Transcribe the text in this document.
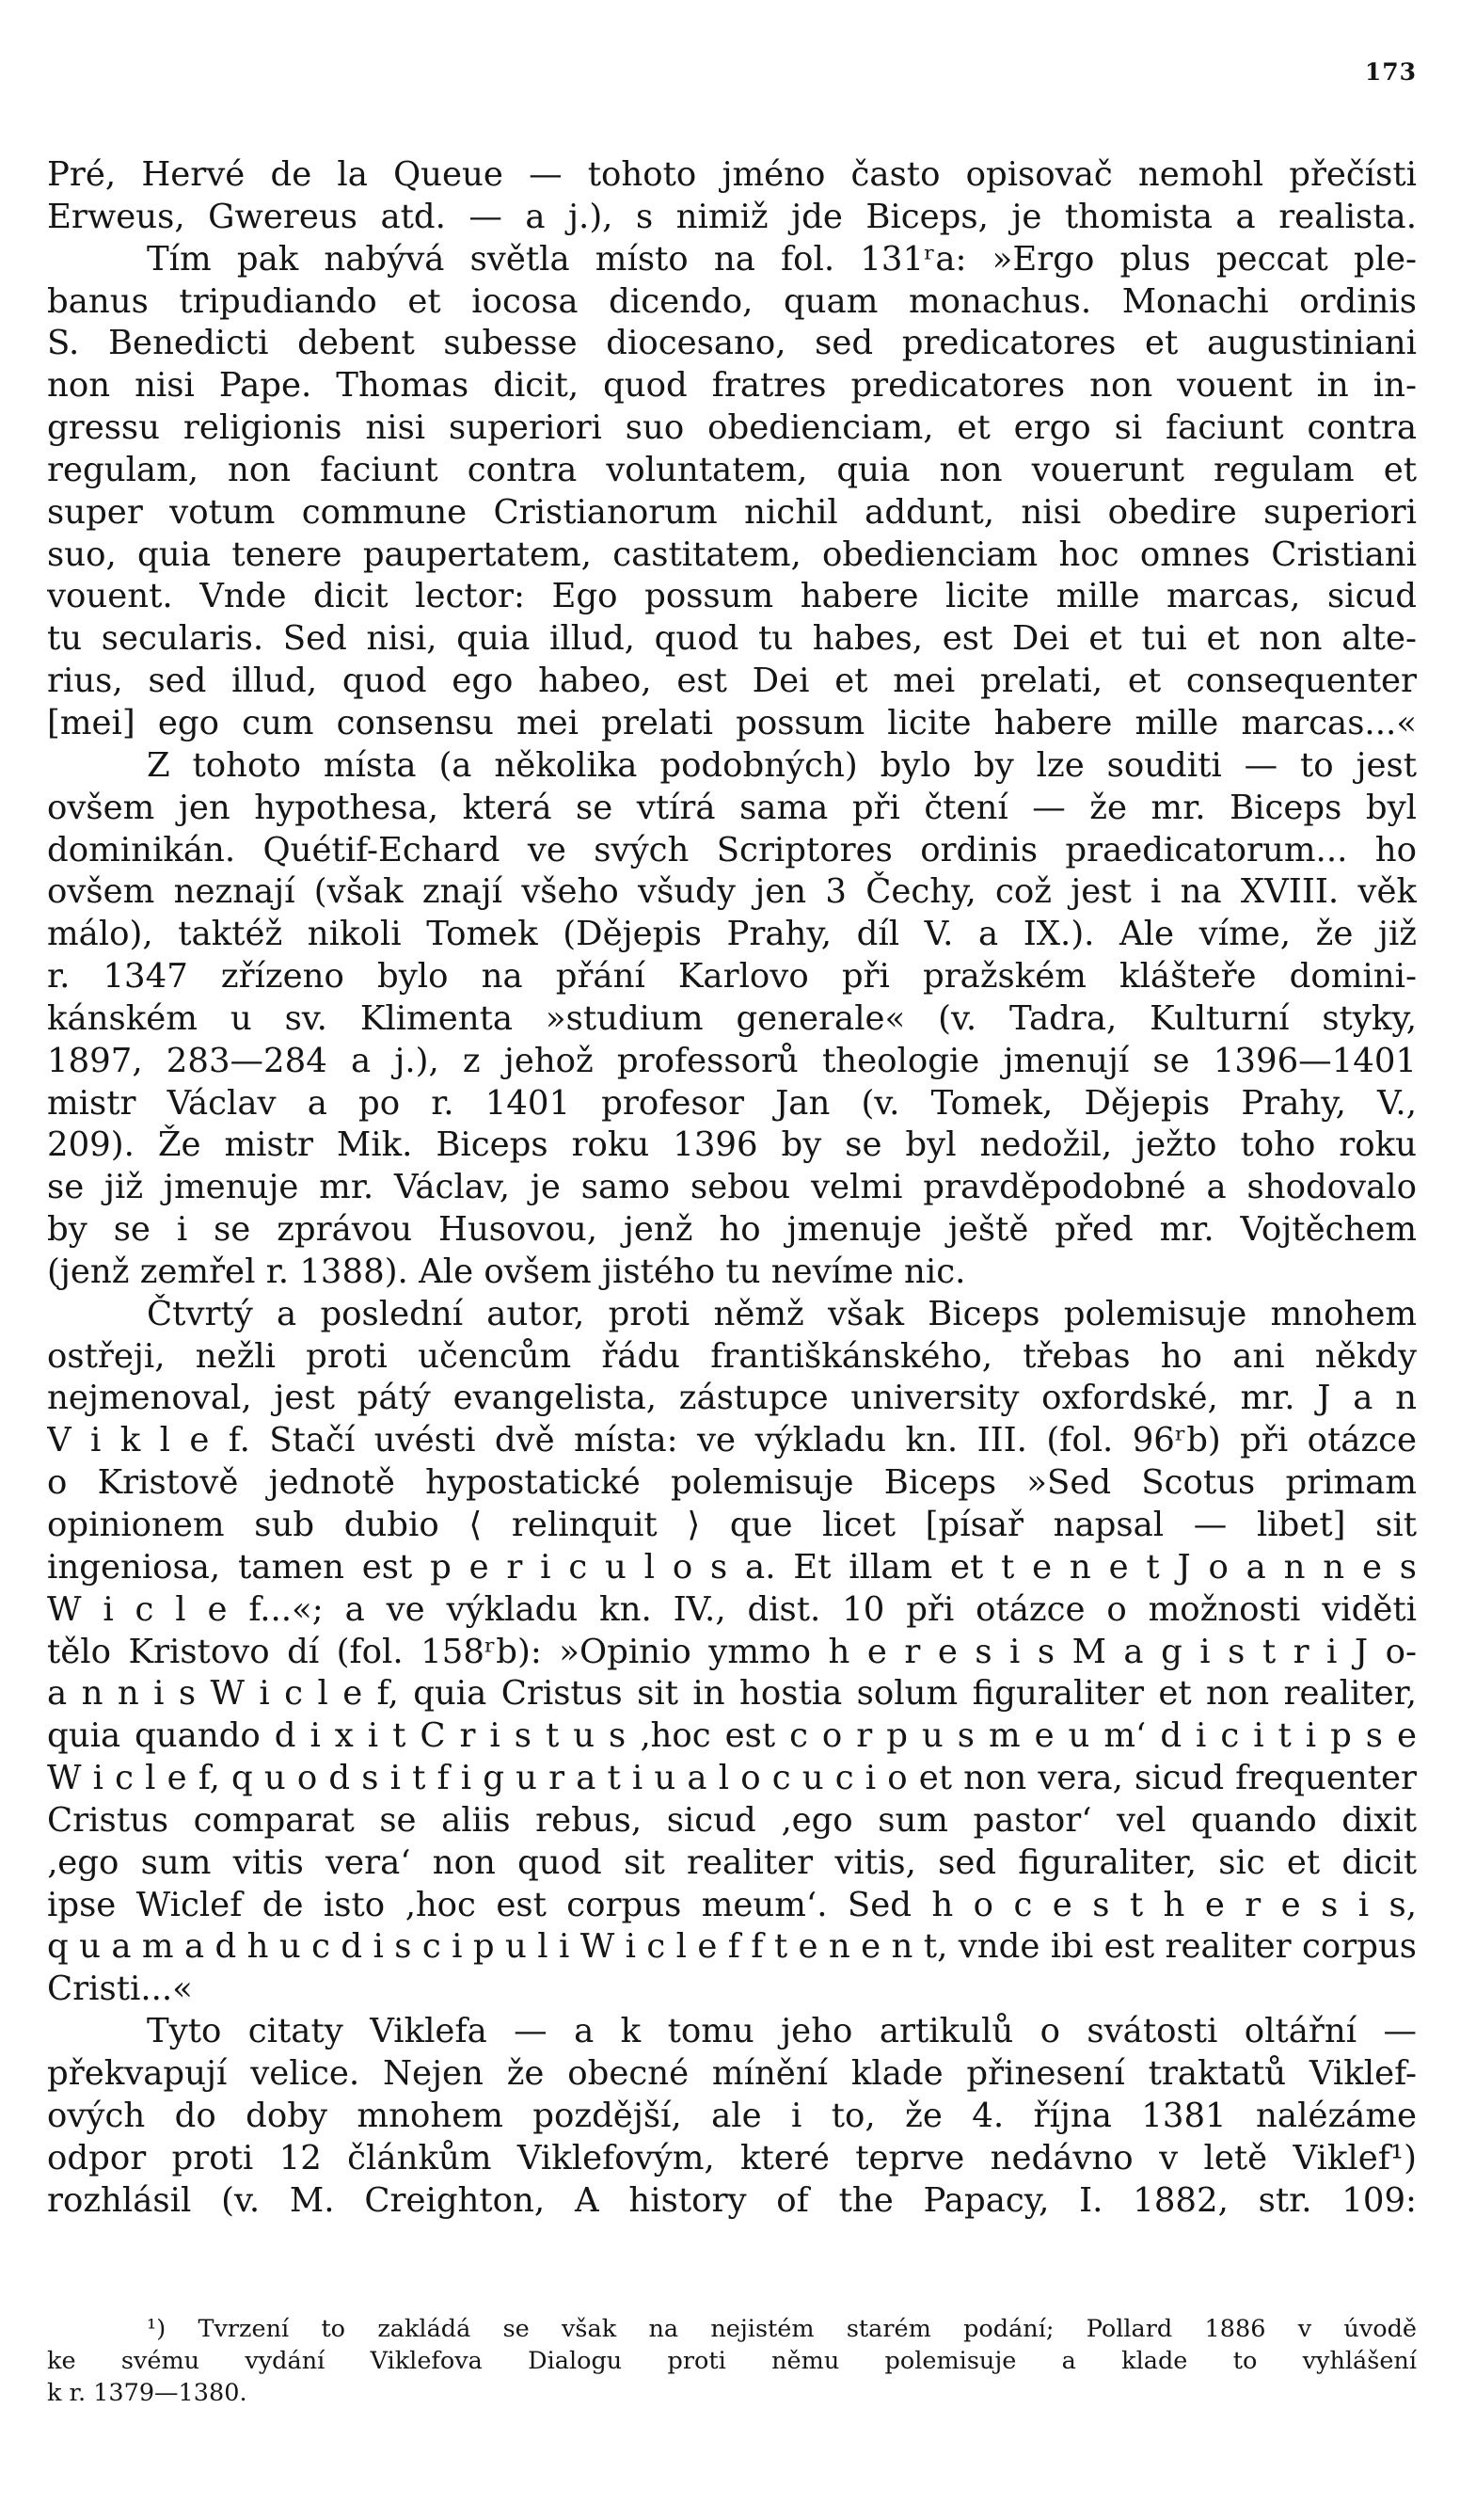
173
Pré, Hervé de la Queue — tohoto jméno často opisovač nemohl přečísti
Erweus, Gwereus atd. — a j.), s nimiž jde Biceps, je thomista a realista.
Tím pak nabývá světla místo na fol. 131ʳa: »Ergo plus peccat ple-
banus tripudiando et iocosa dicendo, quam monachus. Monachi ordinis
S. Benedicti debent subesse diocesano, sed predicatores et augustiniani
non nisi Pape. Thomas dicit, quod fratres predicatores non vouent in in-
gressu religionis nisi superiori suo obedienciam, et ergo si faciunt contra
regulam, non faciunt contra voluntatem, quia non vouerunt regulam et
super votum commune Cristianorum nichil addunt, nisi obedire superiori
suo, quia tenere paupertatem, castitatem, obedienciam hoc omnes Cristiani
vouent. Vnde dicit lector: Ego possum habere licite mille marcas, sicud
tu secularis. Sed nisi, quia illud, quod tu habes, est Dei et tui et non alte-
rius, sed illud, quod ego habeo, est Dei et mei prelati, et consequenter
[mei] ego cum consensu mei prelati possum licite habere mille marcas...«
Z tohoto místa (a několika podobných) bylo by lze souditi — to jest
ovšem jen hypothesa, která se vtírá sama při čtení — že mr. Biceps byl
dominikán. Quétif-Echard ve svých Scriptores ordinis praedicatorum... ho
ovšem neznají (však znají všeho všudy jen 3 Čechy, což jest i na XVIII. věk
málo), taktéž nikoli Tomek (Dějepis Prahy, díl V. a IX.). Ale víme, že již
r. 1347 zřízeno bylo na přání Karlovo při pražském klášteře domini-
kánském u sv. Klimenta »studium generale« (v. Tadra, Kulturní styky,
1897, 283—284 a j.), z jehož professorů theologie jmenují se 1396—1401
mistr Václav a po r. 1401 profesor Jan (v. Tomek, Dějepis Prahy, V.,
209). Že mistr Mik. Biceps roku 1396 by se byl nedožil, ježto toho roku
se již jmenuje mr. Václav, je samo sebou velmi pravděpodobné a shodovalo
by se i se zprávou Husovou, jenž ho jmenuje ještě před mr. Vojtěchem
(jenž zemřel r. 1388). Ale ovšem jistého tu nevíme nic.
Čtvrtý a poslední autor, proti němž však Biceps polemisuje mnohem
ostřeji, nežli proti učencům řádu františkánského, třebas ho ani někdy
nejmenoval, jest pátý evangelista, zástupce university oxfordské, mr. J a n
V i k l e f. Stačí uvésti dvě místa: ve výkladu kn. III. (fol. 96ʳb) při otázce
o Kristově jednotě hypostatické polemisuje Biceps »Sed Scotus primam
opinionem sub dubio ⟨ relinquit ⟩ que licet [písař napsal — libet] sit
ingeniosa, tamen est p e r i c u l o s a. Et illam et t e n e t J o a n n e s
W i c l e f...«; a ve výkladu kn. IV., dist. 10 při otázce o možnosti viděti
tělo Kristovo dí (fol. 158ʳb): »Opinio ymmo h e r e s i s M a g i s t r i J o-
a n n i s W i c l e f, quia Cristus sit in hostia solum figuraliter et non realiter,
quia quando d i x i t C r i s t u s ‚hoc est c o r p u s m e u m‘ d i c i t i p s e
W i c l e f, q u o d s i t f i g u r a t i u a l o c u c i o et non vera, sicud frequenter
Cristus comparat se aliis rebus, sicud ‚ego sum pastor‘ vel quando dixit
‚ego sum vitis vera‘ non quod sit realiter vitis, sed figuraliter, sic et dicit
ipse Wiclef de isto ‚hoc est corpus meum‘. Sed h o c e s t h e r e s i s,
q u a m a d h u c d i s c i p u l i W i c l e f f t e n e n t, vnde ibi est realiter corpus
Cristi...«
Tyto citaty Viklefa — a k tomu jeho artikulů o svátosti oltářní —
překvapují velice. Nejen že obecné mínění klade přinesení traktatů Viklef-
ových do doby mnohem pozdější, ale i to, že 4. října 1381 nalézáme
odpor proti 12 článkům Viklefovým, které teprve nedávno v letě Viklef¹)
rozhlásil (v. M. Creighton, A history of the Papacy, I. 1882, str. 109:
¹) Tvrzení to zakládá se však na nejistém starém podání; Pollard 1886 v úvodě
ke svému vydání Viklefova Dialogu proti němu polemisuje a klade to vyhlášení
k r. 1379—1380.
